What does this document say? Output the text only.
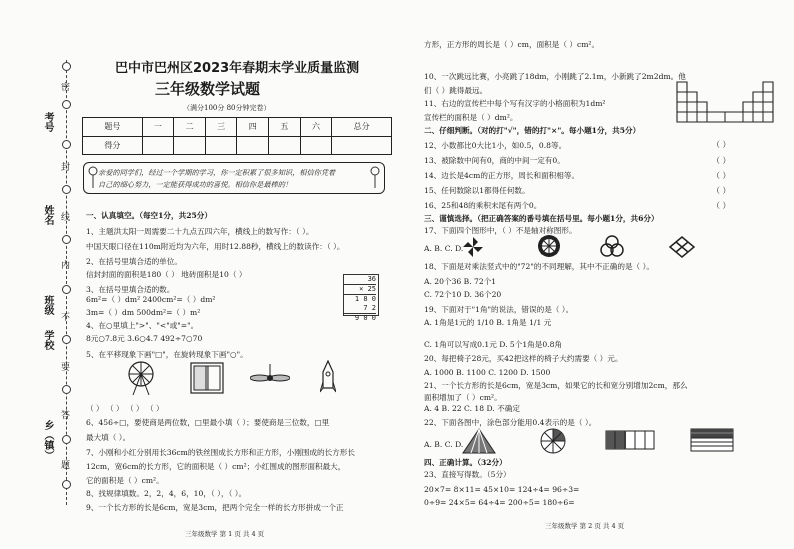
考号
姓名
班级
学校
乡（镇）
密
封
线
内
不
要
答
题
巴中市巴州区2023年春期末学业质量监测
三年级数学试题
（满分100分 80分钟完卷）
题号	一	二	三	四	五	六	总分
得分							
亲爱的同学们，经过一个学期的学习，你一定积累了很多知识，相信你凭着
自己的细心努力，一定能获得成功的喜悦。相信你是最棒的！
一、认真填空。（每空1分，共25分）
1、主题洪太阳一周需要二十九点五四六年，横线上的数写作：（ ）。
中国天眼口径在110m附近均为六年，用时12.88秒，横线上的数读作：（ ）。
2、在括号里填合适的单位。
信封封面的面积是180（ ） 地砖面积是10（ ）
3、在括号里填合适的数。
6m²=（ ）dm² 2400cm²=（ ）dm²
3m=（ ）dm 500dm²=（ ）m²
4、在○里填上">"、"<"或"="。
8元○7.8元 3.6○4.7 492÷7○70
5、在平移现象下画"□"，在旋转现象下画"○"。
（ ） （ ） （ ） （ ）
6、456÷□，要使商是两位数，□里最小填（ ）；要使商是三位数，□里
最大填（ ）。
7、小刚和小红分别用长36cm的铁丝围成长方形和正方形，小刚围成的长方形长
12cm，宽6cm的长方形，它的面积是（ ）cm²；小红围成的图形面积最大，
它的面积是（ ）cm²。
8、找规律填数。2，2，4，6，10，（ ），（ ）。
9、一个长方形的长是6cm，宽是3cm，把两个完全一样的长方形拼成一个正
三年级数学 第 1 页 共 4 页
方形，正方形的周长是（ ）cm，面积是（ ）cm²。
10、一次跳远比赛，小亮跳了18dm，小刚跳了2.1m，小新跳了2m2dm。他
们（ ）跳得最远。
11、右边的宣传栏中每个写有汉字的小格面积为1dm²
宣传栏的面积是（ ）dm²。
二、仔细判断。（对的打"√"，错的打"×"。每小题1分，共5分）
12、小数都比0大比1小，如0.5，0.8等。
13、被除数中间有0，商的中间一定有0。
14、边长是4cm的正方形，周长和面积相等。
15、任何数除以1都得任何数。
16、25和48的乘积末尾有两个0。
三、谨慎选择。（把正确答案的番号填在括号里。每小题1分，共6分）
17、下面四个图形中，（ ）不是轴对称图形。
A. B. C. D.
18、下面是对乘法竖式中的"72"的不同理解，其中不正确的是（ ）。
A. 20个36 B. 72个1
C. 72个10 D. 36个20
19、下面对于"1角"的说法，错误的是（ ）。
A. 1角是1元的 1/10 B. 1角是 1/1 元
C. 1角可以写成0.1元 D. 5个1角是0.8角
20、每把椅子28元，买42把这样的椅子大约需要（ ）元。
A. 1000 B. 1100 C. 1200 D. 1500
21、一个长方形的长是6cm，宽是3cm，如果它的长和宽分别增加2cm，那么
面积增加了（ ）cm²。
A. 4 B. 22 C. 18 D. 不确定
22、下面各图中，涂色部分能用0.4表示的是（ ）。
A. B. C. D.
四、正确计算。（32分）
23、直接写得数。（5分）
20×7= 8×11= 45×10= 124÷4= 96÷3=
0÷9= 24×5= 64÷4= 200÷5= 180÷6=
（ ）
（ ）
（ ）
（ ）
（ ）
36
× 25
1 8 0
7 2
9 0 0
三年级数学 第 2 页 共 4 页
